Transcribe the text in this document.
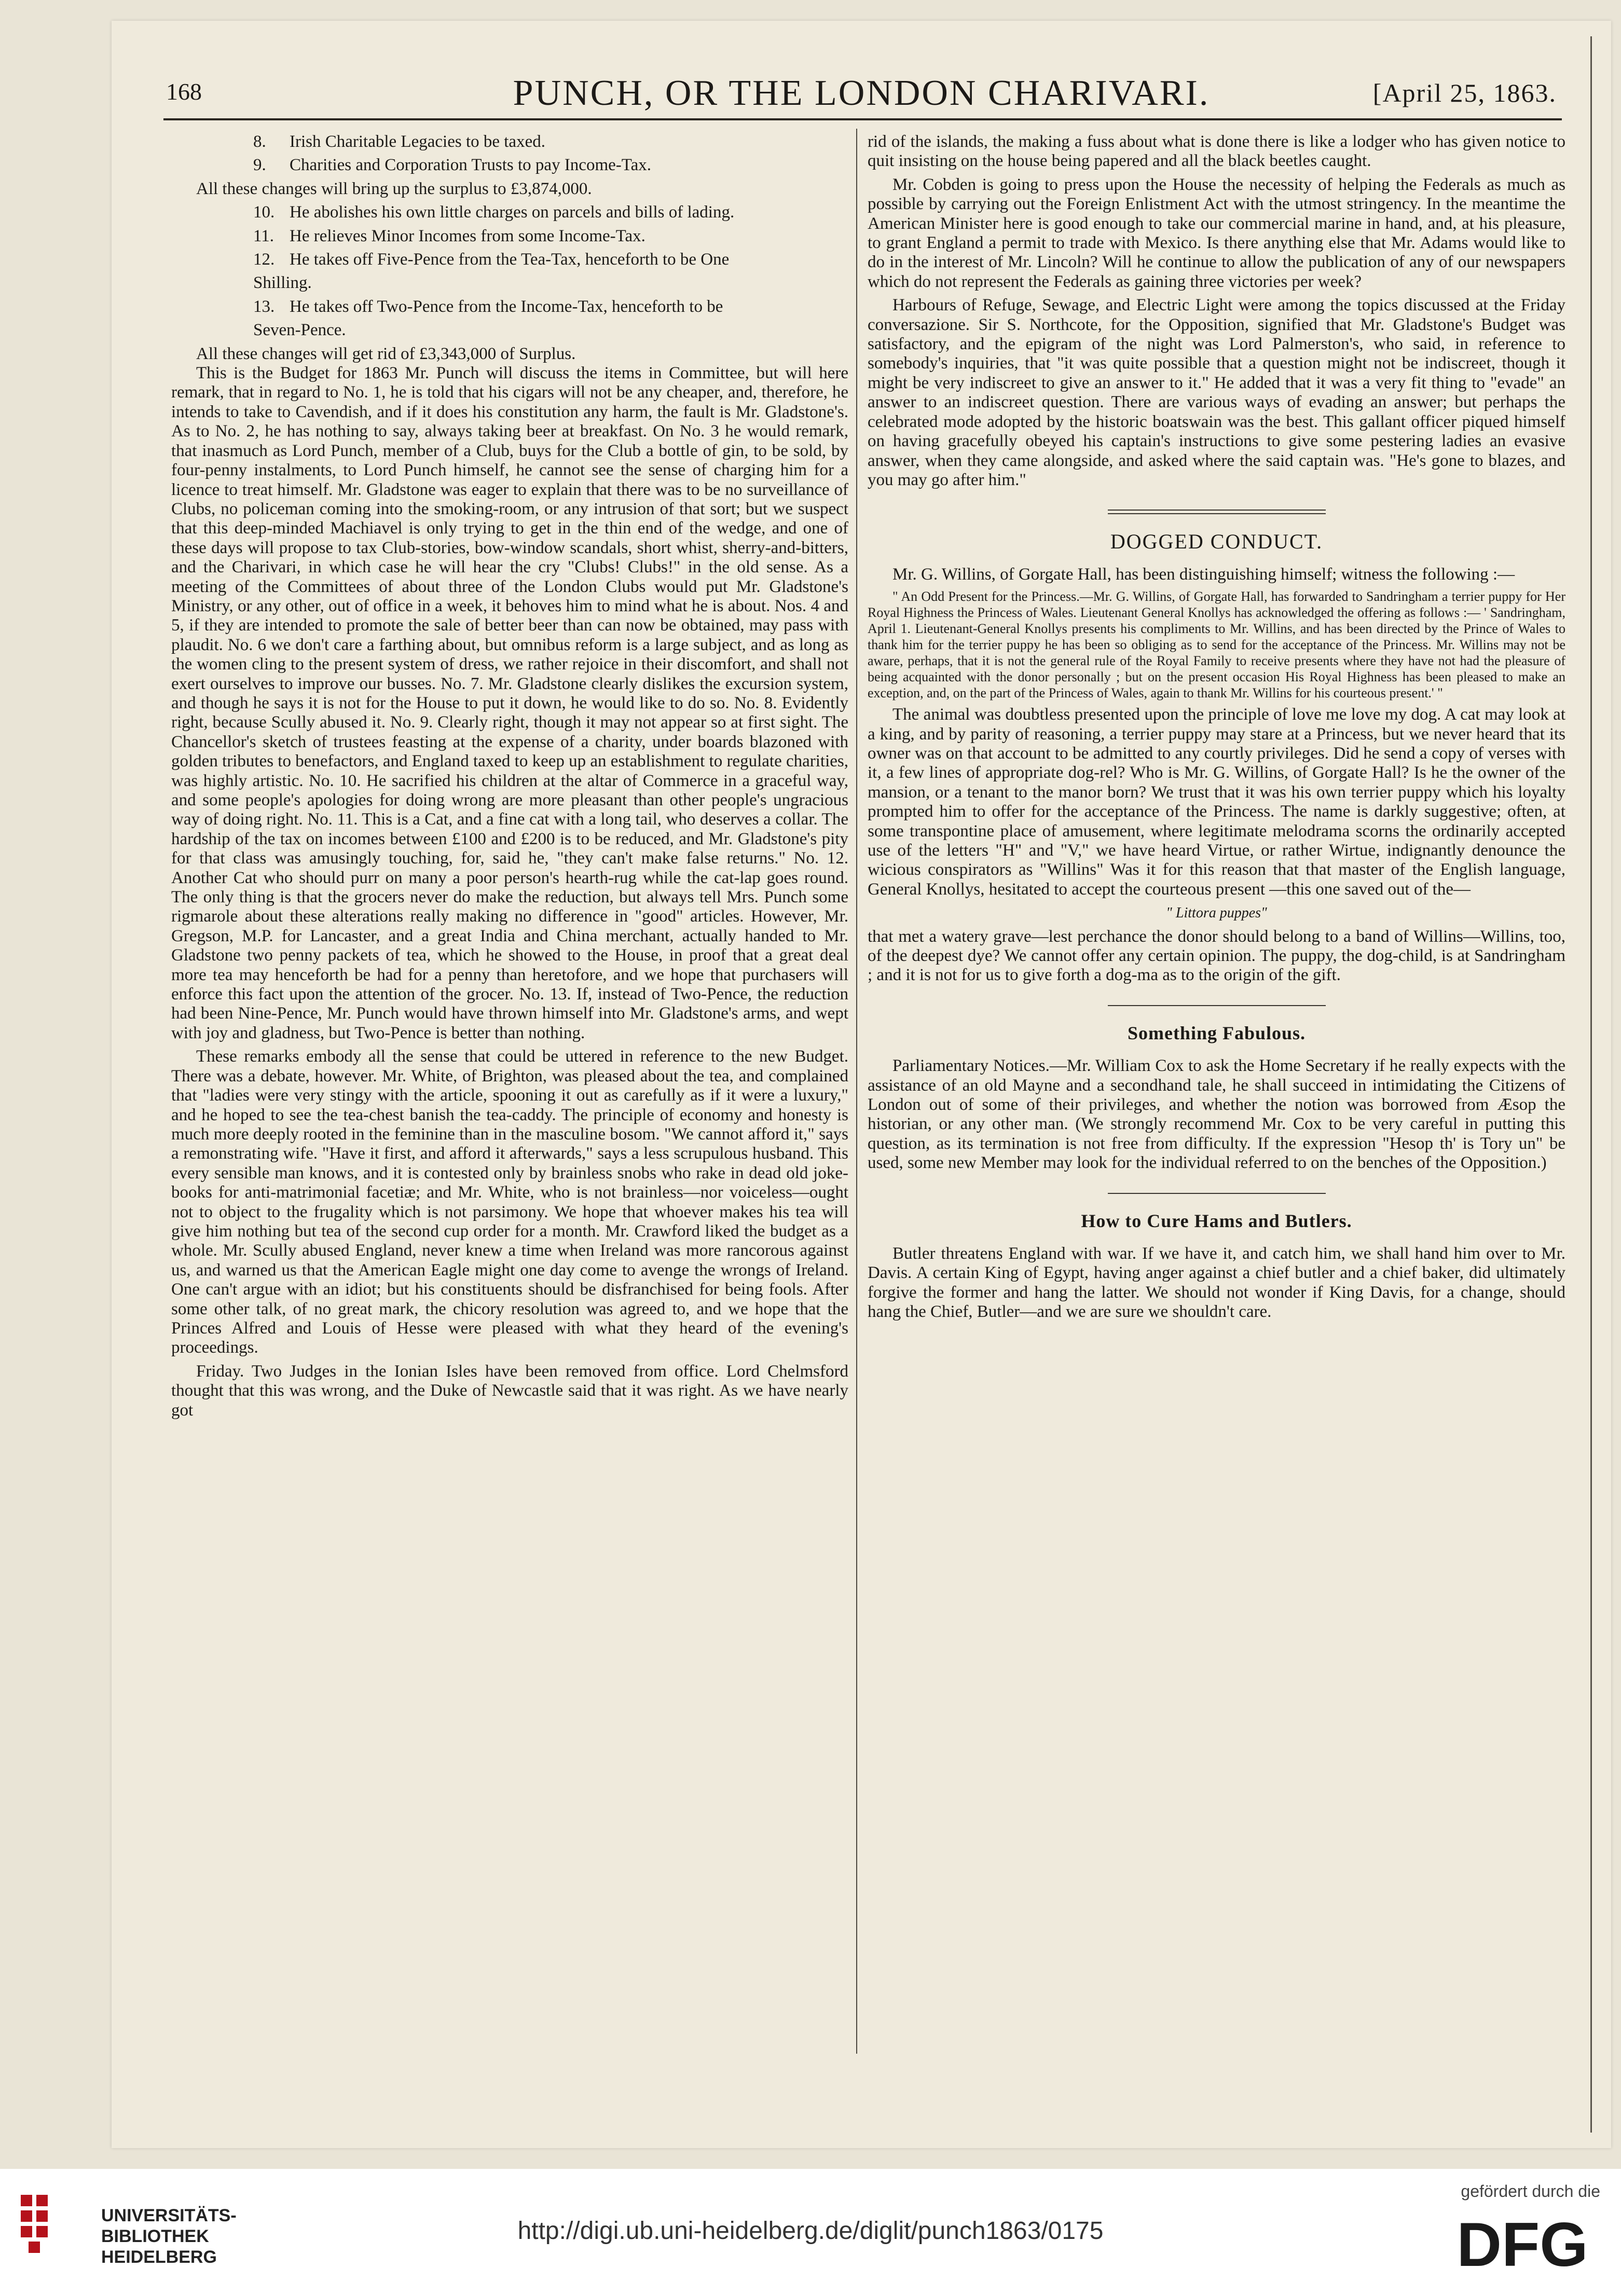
168	PUNCH, OR THE LONDON CHARIVARI.	[April 25, 1863.

8. Irish Charitable Legacies to be taxed.

9. Charities and Corporation Trusts to pay Income-Tax.

All these changes will bring up the surplus to £3,874,000.

10. He abolishes his own little charges on parcels and bills of lading.

11. He relieves Minor Incomes from some Income-Tax.

12. He takes off Five-Pence from the Tea-Tax, henceforth to be One

Shilling.

13. He takes off Two-Pence from the Income-Tax, henceforth to be

Seven-Pence.

All these changes will get rid of £3,343,000 of Surplus.

This is the Budget for 1863 Mr. Punch will discuss the items in Committee, but will here remark, that in regard to No. 1, he is told that his cigars will not be any cheaper, and, therefore, he intends to take to Cavendish, and if it does his constitution any harm, the fault is Mr. Gladstone's. As to No. 2, he has nothing to say, always taking beer at breakfast. On No. 3 he would remark, that inasmuch as Lord Punch, member of a Club, buys for the Club a bottle of gin, to be sold, by four-penny instalments, to Lord Punch himself, he cannot see the sense of charging him for a licence to treat himself. Mr. Gladstone was eager to explain that there was to be no surveillance of Clubs, no policeman coming into the smoking-room, or any intrusion of that sort; but we suspect that this deep-minded Machiavel is only trying to get in the thin end of the wedge, and one of these days will propose to tax Club-stories, bow-window scandals, short whist, sherry-and-bitters, and the Charivari, in which case he will hear the cry "Clubs! Clubs!" in the old sense. As a meeting of the Committees of about three of the London Clubs would put Mr. Gladstone's Ministry, or any other, out of office in a week, it behoves him to mind what he is about. Nos. 4 and 5, if they are intended to promote the sale of better beer than can now be obtained, may pass with plaudit. No. 6 we don't care a farthing about, but omnibus reform is a large subject, and as long as the women cling to the present system of dress, we rather rejoice in their discomfort, and shall not exert ourselves to improve our busses. No. 7. Mr. Gladstone clearly dislikes the excursion system, and though he says it is not for the House to put it down, he would like to do so. No. 8. Evidently right, because Scully abused it. No. 9. Clearly right, though it may not appear so at first sight. The Chancellor's sketch of trustees feasting at the expense of a charity, under boards blazoned with golden tributes to benefactors, and England taxed to keep up an establishment to regulate charities, was highly artistic. No. 10. He sacrified his children at the altar of Commerce in a graceful way, and some people's apologies for doing wrong are more pleasant than other people's ungracious way of doing right. No. 11. This is a Cat, and a fine cat with a long tail, who deserves a collar. The hardship of the tax on incomes between £100 and £200 is to be reduced, and Mr. Gladstone's pity for that class was amusingly touching, for, said he, "they can't make false returns." No. 12. Another Cat who should purr on many a poor person's hearth-rug while the cat-lap goes round. The only thing is that the grocers never do make the reduction, but always tell Mrs. Punch some rigmarole about these alterations really making no difference in "good" articles. However, Mr. Gregson, M.P. for Lancaster, and a great India and China merchant, actually handed to Mr. Gladstone two penny packets of tea, which he showed to the House, in proof that a great deal more tea may henceforth be had for a penny than heretofore, and we hope that purchasers will enforce this fact upon the attention of the grocer. No. 13. If, instead of Two-Pence, the reduction had been Nine-Pence, Mr. Punch would have thrown himself into Mr. Gladstone's arms, and wept with joy and gladness, but Two-Pence is better than nothing.

These remarks embody all the sense that could be uttered in reference to the new Budget. There was a debate, however. Mr. White, of Brighton, was pleased about the tea, and complained that "ladies were very stingy with the article, spooning it out as carefully as if it were a luxury," and he hoped to see the tea-chest banish the tea-caddy. The principle of economy and honesty is much more deeply rooted in the feminine than in the masculine bosom. "We cannot afford it," says a remonstrating wife. "Have it first, and afford it afterwards," says a less scrupulous husband. This every sensible man knows, and it is contested only by brainless snobs who rake in dead old joke-books for anti-matrimonial facetiæ; and Mr. White, who is not brainless—nor voiceless—ought not to object to the frugality which is not parsimony. We hope that whoever makes his tea will give him nothing but tea of the second cup order for a month. Mr. Crawford liked the budget as a whole. Mr. Scully abused England, never knew a time when Ireland was more rancorous against us, and warned us that the American Eagle might one day come to avenge the wrongs of Ireland. One can't argue with an idiot; but his constituents should be disfranchised for being fools. After some other talk, of no great mark, the chicory resolution was agreed to, and we hope that the Princes Alfred and Louis of Hesse were pleased with what they heard of the evening's proceedings.

Friday. Two Judges in the Ionian Isles have been removed from office. Lord Chelmsford thought that this was wrong, and the Duke of Newcastle said that it was right. As we have nearly got

rid of the islands, the making a fuss about what is done there is like a lodger who has given notice to quit insisting on the house being papered and all the black beetles caught.

Mr. Cobden is going to press upon the House the necessity of helping the Federals as much as possible by carrying out the Foreign Enlistment Act with the utmost stringency. In the meantime the American Minister here is good enough to take our commercial marine in hand, and, at his pleasure, to grant England a permit to trade with Mexico. Is there anything else that Mr. Adams would like to do in the interest of Mr. Lincoln? Will he continue to allow the publication of any of our newspapers which do not represent the Federals as gaining three victories per week?

Harbours of Refuge, Sewage, and Electric Light were among the topics discussed at the Friday conversazione. Sir S. Northcote, for the Opposition, signified that Mr. Gladstone's Budget was satisfactory, and the epigram of the night was Lord Palmerston's, who said, in reference to somebody's inquiries, that "it was quite possible that a question might not be indiscreet, though it might be very indiscreet to give an answer to it." He added that it was a very fit thing to "evade" an answer to an indiscreet question. There are various ways of evading an answer; but perhaps the celebrated mode adopted by the historic boatswain was the best. This gallant officer piqued himself on having gracefully obeyed his captain's instructions to give some pestering ladies an evasive answer, when they came alongside, and asked where the said captain was. "He's gone to blazes, and you may go after him."

DOGGED CONDUCT.

Mr. G. Willins, of Gorgate Hall, has been distinguishing himself; witness the following :—

" An Odd Present for the Princess.—Mr. G. Willins, of Gorgate Hall, has forwarded to Sandringham a terrier puppy for Her Royal Highness the Princess of Wales. Lieutenant General Knollys has acknowledged the offering as follows :— ' Sandringham, April 1. Lieutenant-General Knollys presents his compliments to Mr. Willins, and has been directed by the Prince of Wales to thank him for the terrier puppy he has been so obliging as to send for the acceptance of the Princess. Mr. Willins may not be aware, perhaps, that it is not the general rule of the Royal Family to receive presents where they have not had the pleasure of being acquainted with the donor personally ; but on the present occasion His Royal Highness has been pleased to make an exception, and, on the part of the Princess of Wales, again to thank Mr. Willins for his courteous present.' "

The animal was doubtless presented upon the principle of love me love my dog. A cat may look at a king, and by parity of reasoning, a terrier puppy may stare at a Princess, but we never heard that its owner was on that account to be admitted to any courtly privileges. Did he send a copy of verses with it, a few lines of appropriate dog-rel? Who is Mr. G. Willins, of Gorgate Hall? Is he the owner of the mansion, or a tenant to the manor born? We trust that it was his own terrier puppy which his loyalty prompted him to offer for the acceptance of the Princess. The name is darkly suggestive; often, at some transpontine place of amusement, where legitimate melodrama scorns the ordinarily accepted use of the letters "H" and "V," we have heard Virtue, or rather Wirtue, indignantly denounce the wicious conspirators as "Willins" Was it for this reason that that master of the English language, General Knollys, hesitated to accept the courteous present —this one saved out of the—

" Littora puppes"

that met a watery grave—lest perchance the donor should belong to a band of Willins—Willins, too, of the deepest dye? We cannot offer any certain opinion. The puppy, the dog-child, is at Sandringham ; and it is not for us to give forth a dog-ma as to the origin of the gift.

Something Fabulous.

Parliamentary Notices.—Mr. William Cox to ask the Home Secretary if he really expects with the assistance of an old Mayne and a secondhand tale, he shall succeed in intimidating the Citizens of London out of some of their privileges, and whether the notion was borrowed from Æsop the historian, or any other man. (We strongly recommend Mr. Cox to be very careful in putting this question, as its termination is not free from difficulty. If the expression "Hesop th' is Tory un" be used, some new Member may look for the individual referred to on the benches of the Opposition.)

How to Cure Hams and Butlers.

Butler threatens England with war. If we have it, and catch him, we shall hand him over to Mr. Davis. A certain King of Egypt, having anger against a chief butler and a chief baker, did ultimately forgive the former and hang the latter. We should not wonder if King Davis, for a change, should hang the Chief, Butler—and we are sure we shouldn't care.

UNIVERSITÄTS-
BIBLIOTHEK
HEIDELBERG
http://digi.ub.uni-heidelberg.de/diglit/punch1863/0175
gefördert durch die
DFG
